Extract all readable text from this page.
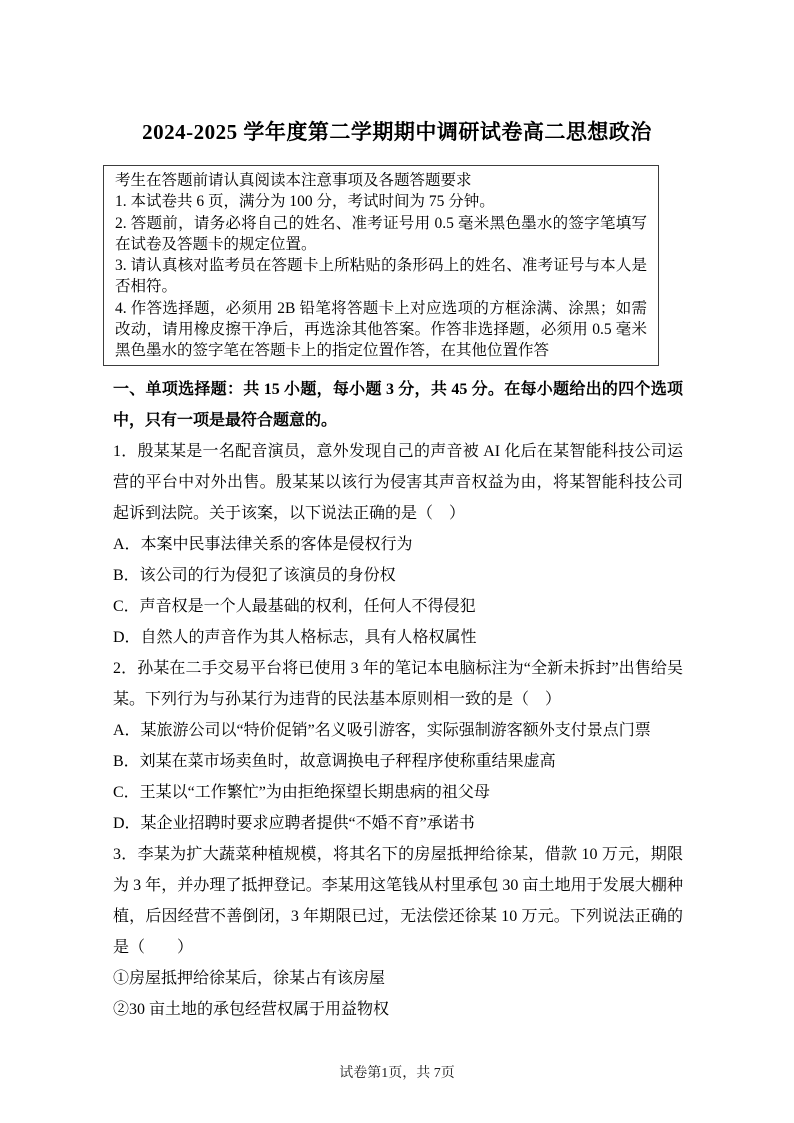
2024-2025 学年度第二学期期中调研试卷高二思想政治

考生在答题前请认真阅读本注意事项及各题答题要求

1. 本试卷共 6 页，满分为 100 分，考试时间为 75 分钟。

2. 答题前，请务必将自己的姓名、准考证号用 0.5 毫米黑色墨水的签字笔填写在试卷及答题卡的规定位置。

3. 请认真核对监考员在答题卡上所粘贴的条形码上的姓名、准考证号与本人是否相符。

4. 作答选择题，必须用 2B 铅笔将答题卡上对应选项的方框涂满、涂黑；如需改动，请用橡皮擦干净后，再选涂其他答案。作答非选择题，必须用 0.5 毫米黑色墨水的签字笔在答题卡上的指定位置作答，在其他位置作答

一、单项选择题：共 15 小题，每小题 3 分，共 45 分。在每小题给出的四个选项中，只有一项是最符合题意的。

1．殷某某是一名配音演员，意外发现自己的声音被 AI 化后在某智能科技公司运营的平台中对外出售。殷某某以该行为侵害其声音权益为由，将某智能科技公司起诉到法院。关于该案，以下说法正确的是（　）

A．本案中民事法律关系的客体是侵权行为

B．该公司的行为侵犯了该演员的身份权

C．声音权是一个人最基础的权利，任何人不得侵犯

D．自然人的声音作为其人格标志，具有人格权属性

2．孙某在二手交易平台将已使用 3 年的笔记本电脑标注为“全新未拆封”出售给吴某。下列行为与孙某行为违背的民法基本原则相一致的是（　）

A．某旅游公司以“特价促销”名义吸引游客，实际强制游客额外支付景点门票

B．刘某在菜市场卖鱼时，故意调换电子秤程序使称重结果虚高

C．王某以“工作繁忙”为由拒绝探望长期患病的祖父母

D．某企业招聘时要求应聘者提供“不婚不育”承诺书

3．李某为扩大蔬菜种植规模，将其名下的房屋抵押给徐某，借款 10 万元，期限为 3 年，并办理了抵押登记。李某用这笔钱从村里承包 30 亩土地用于发展大棚种植，后因经营不善倒闭，3 年期限已过，无法偿还徐某 10 万元。下列说法正确的是（　　）

①房屋抵押给徐某后，徐某占有该房屋

②30 亩土地的承包经营权属于用益物权

试卷第1页，共 7页
